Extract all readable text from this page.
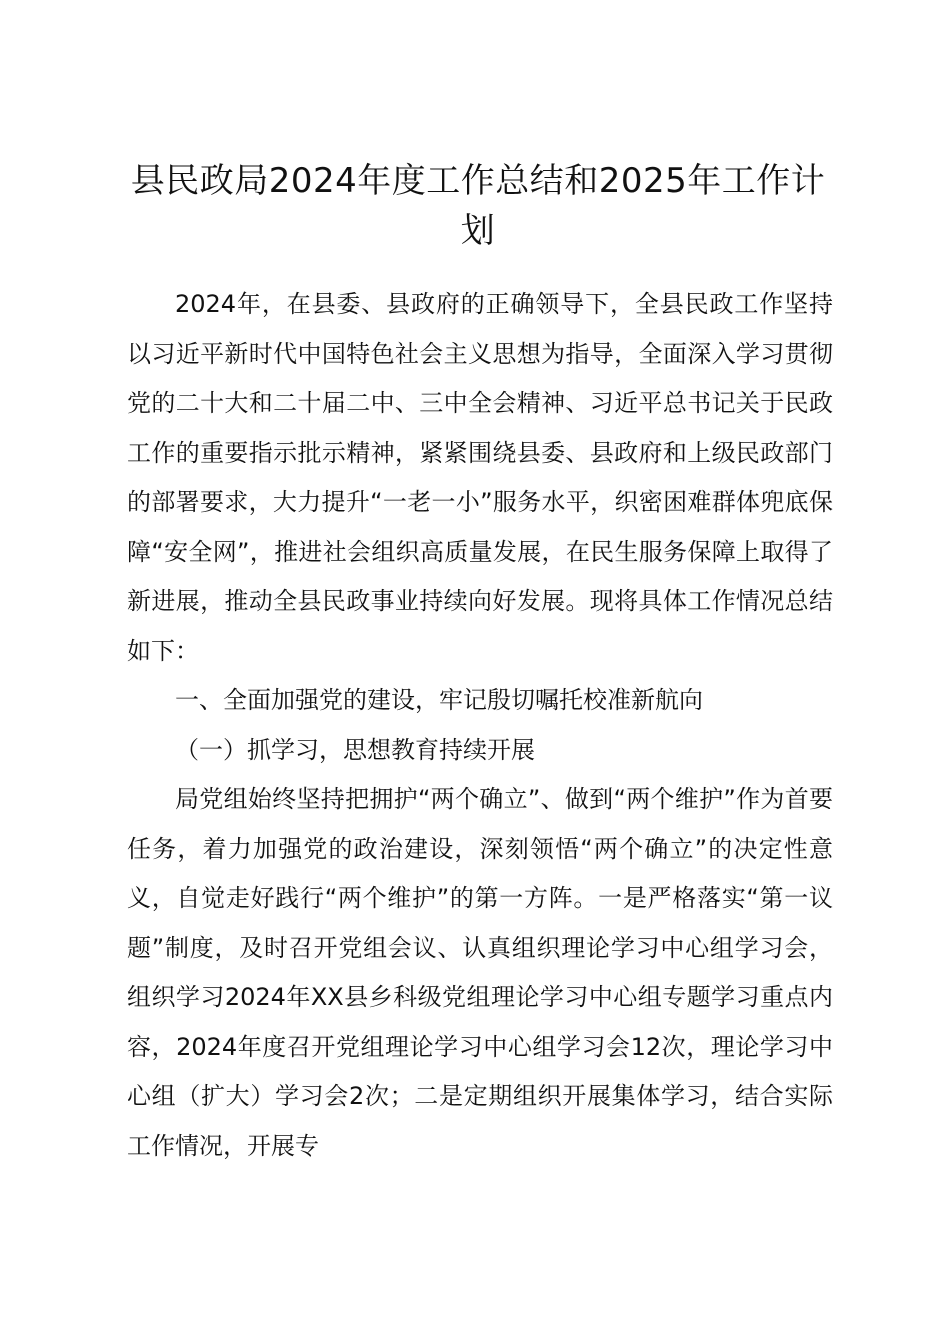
县民政局2024年度工作总结和2025年工作计划

2024年，在县委、县政府的正确领导下，全县民政工作坚持以习近平新时代中国特色社会主义思想为指导，全面深入学习贯彻党的二十大和二十届二中、三中全会精神、习近平总书记关于民政工作的重要指示批示精神，紧紧围绕县委、县政府和上级民政部门的部署要求，大力提升“一老一小”服务水平，织密困难群体兜底保障“安全网”，推进社会组织高质量发展，在民生服务保障上取得了新进展，推动全县民政事业持续向好发展。现将具体工作情况总结如下：

一、全面加强党的建设，牢记殷切嘱托校准新航向

（一）抓学习，思想教育持续开展

局党组始终坚持把拥护“两个确立”、做到“两个维护”作为首要任务，着力加强党的政治建设，深刻领悟“两个确立”的决定性意义，自觉走好践行“两个维护”的第一方阵。一是严格落实“第一议题”制度，及时召开党组会议、认真组织理论学习中心组学习会，组织学习2024年XX县乡科级党组理论学习中心组专题学习重点内容，2024年度召开党组理论学习中心组学习会12次，理论学习中心组（扩大）学习会2次；二是定期组织开展集体学习，结合实际工作情况，开展专
